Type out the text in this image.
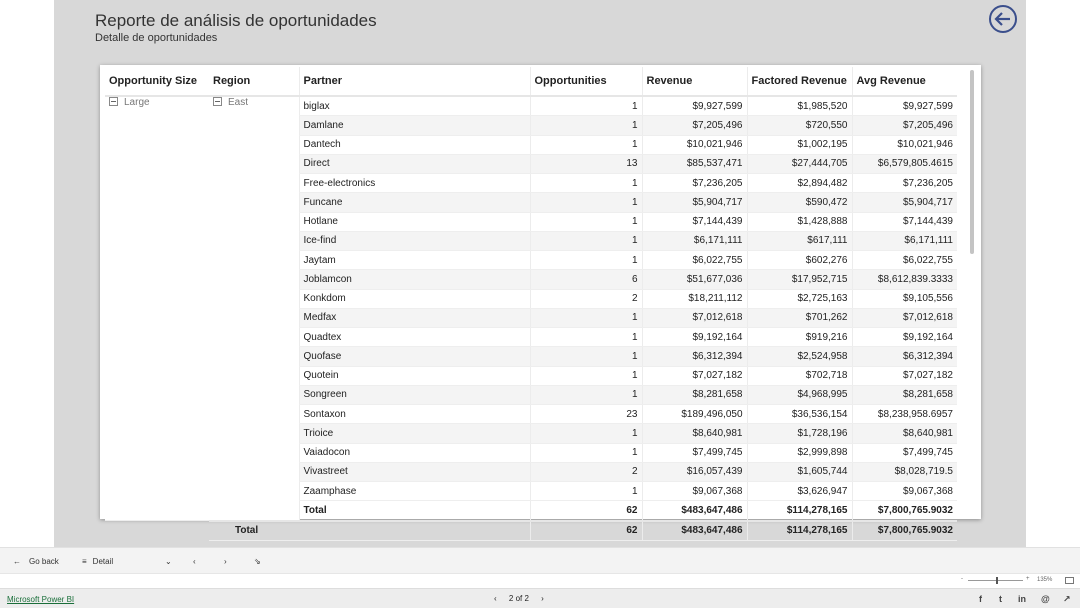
Reporte de análisis de oportunidades
Detalle de oportunidades
Opportunity Size	Region	Partner	Opportunities	Revenue	Factored Revenue	Avg Revenue
Large	East	biglax	1	$9,927,599	$1,985,520	$9,927,599
		Damlane	1	$7,205,496	$720,550	$7,205,496
		Dantech	1	$10,021,946	$1,002,195	$10,021,946
		Direct	13	$85,537,471	$27,444,705	$6,579,805.4615
		Free-electronics	1	$7,236,205	$2,894,482	$7,236,205
		Funcane	1	$5,904,717	$590,472	$5,904,717
		Hotlane	1	$7,144,439	$1,428,888	$7,144,439
		Ice-find	1	$6,171,111	$617,111	$6,171,111
		Jaytam	1	$6,022,755	$602,276	$6,022,755
		Joblamcon	6	$51,677,036	$17,952,715	$8,612,839.3333
		Konkdom	2	$18,211,112	$2,725,163	$9,105,556
		Medfax	1	$7,012,618	$701,262	$7,012,618
		Quadtex	1	$9,192,164	$919,216	$9,192,164
		Quofase	1	$6,312,394	$2,524,958	$6,312,394
		Quotein	1	$7,027,182	$702,718	$7,027,182
		Songreen	1	$8,281,658	$4,968,995	$8,281,658
		Sontaxon	23	$189,496,050	$36,536,154	$8,238,958.6957
		Trioice	1	$8,640,981	$1,728,196	$8,640,981
		Vaiadocon	1	$7,499,745	$2,999,898	$7,499,745
		Vivastreet	2	$16,057,439	$1,605,744	$8,028,719.5
		Zaamphase	1	$9,067,368	$3,626,947	$9,067,368
		Total	62	$483,647,486	$114,278,165	$7,800,765.9032
	Total		62	$483,647,486	$114,278,165	$7,800,765.9032
← Go back	≡ Detail	⌄	‹	›	⇘
-	+ 135%
Microsoft Power BI	‹ 2 of 2 ›	f t in @ ↗
